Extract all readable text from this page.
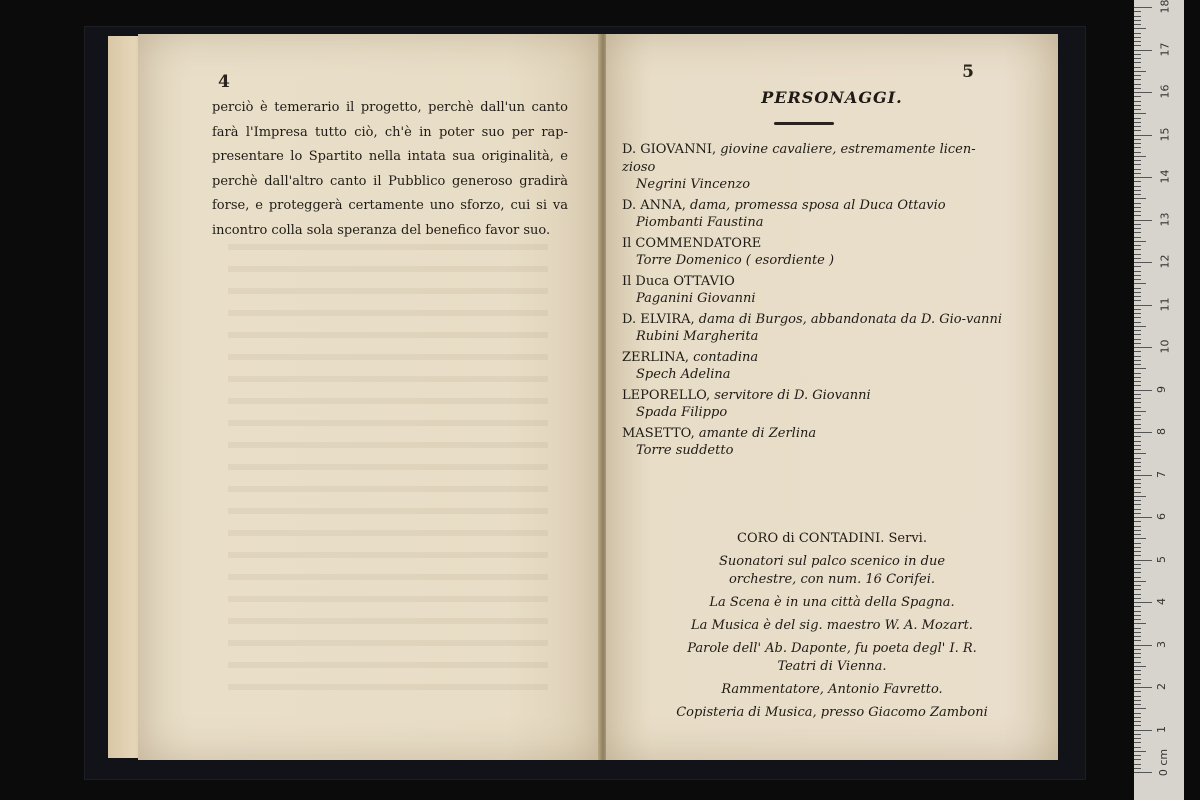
4
perciò è temerario il progetto, perchè dall'un canto
farà l'Impresa tutto ciò, ch'è in poter suo per rap-
presentare lo Spartito nella intata sua originalità, e
perchè dall'altro canto il Pubblico generoso gradirà
forse, e proteggerà certamente uno sforzo, cui si va
incontro colla sola speranza del benefico favor suo.
5
PERSONAGGI.
D. GIOVANNI, giovine cavaliere, estremamente licen-zioso
Negrini Vincenzo
D. ANNA, dama, promessa sposa al Duca Ottavio
Piombanti Faustina
Il COMMENDATORE
Torre Domenico ( esordiente )
Il Duca OTTAVIO
Paganini Giovanni
D. ELVIRA, dama di Burgos, abbandonata da D. Gio-vanni
Rubini Margherita
ZERLINA, contadina
Spech Adelina
LEPORELLO, servitore di D. Giovanni
Spada Filippo
MASETTO, amante di Zerlina
Torre suddetto
CORO di CONTADINI. Servi.
Suonatori sul palco scenico in due orchestre, con num. 16 Corifei.
La Scena è in una città della Spagna.
La Musica è del sig. maestro W. A. Mozart.
Parole dell' Ab. Daponte, fu poeta degl' I. R. Teatri di Vienna.
Rammentatore, Antonio Favretto.
Copisteria di Musica, presso Giacomo Zamboni
0 cm
1
2
3
4
5
6
7
8
9
10
11
12
13
14
15
16
17
18
